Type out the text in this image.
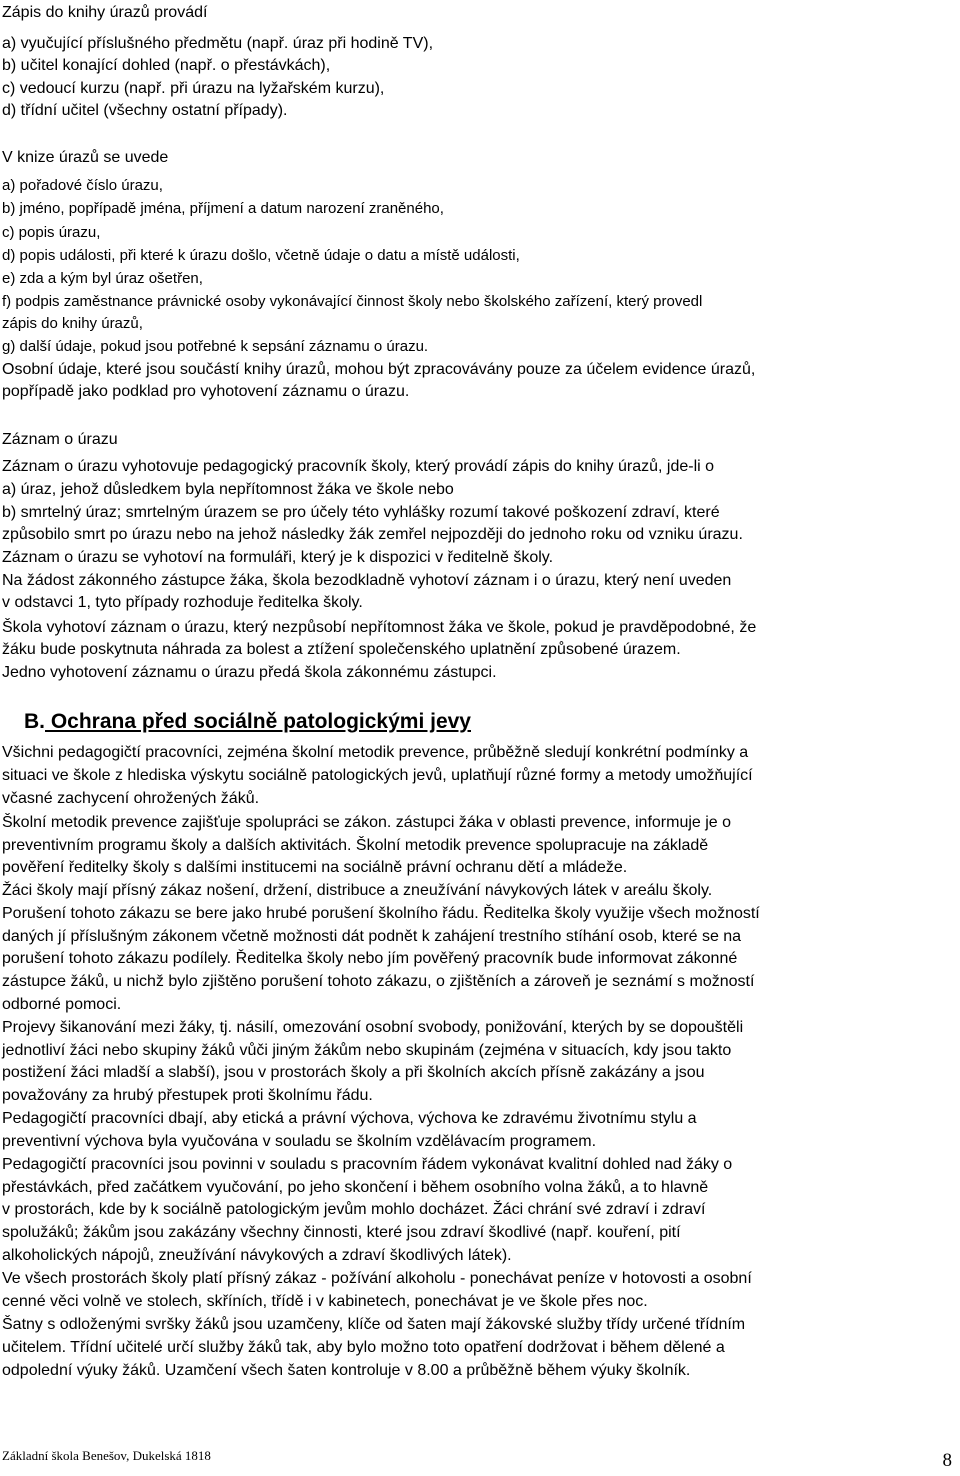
Zápis do knihy úrazů provádí
a) vyučující příslušného předmětu (např. úraz při hodině TV),
b) učitel konající dohled (např. o přestávkách),
c) vedoucí kurzu (např. při úrazu na lyžařském kurzu),
d) třídní učitel (všechny ostatní případy).
V knize úrazů se uvede
a) pořadové číslo úrazu,
b) jméno, popřípadě jména, příjmení a datum narození zraněného,
c) popis úrazu,
d) popis události, při které k úrazu došlo, včetně údaje o datu a místě události,
e) zda a kým byl úraz ošetřen,
f) podpis zaměstnance právnické osoby vykonávající činnost školy nebo školského zařízení, který provedl
zápis do knihy úrazů,
g) další údaje, pokud jsou potřebné k sepsání záznamu o úrazu.
Osobní údaje, které jsou součástí knihy úrazů, mohou být zpracovávány pouze za účelem evidence úrazů,
popřípadě jako podklad pro vyhotovení záznamu o úrazu.
Záznam o úrazu
Záznam o úrazu vyhotovuje pedagogický pracovník školy, který provádí zápis do knihy úrazů, jde-li o
a) úraz, jehož důsledkem byla nepřítomnost žáka ve škole nebo
b) smrtelný úraz; smrtelným úrazem se pro účely této vyhlášky rozumí takové poškození zdraví, které
způsobilo smrt po úrazu nebo na jehož následky žák zemřel nejpozději do jednoho roku od vzniku úrazu.
Záznam o úrazu se vyhotoví na formuláři, který je k dispozici v ředitelně školy.
Na žádost zákonného zástupce žáka, škola bezodkladně vyhotoví záznam i o úrazu, který není uveden
v odstavci 1, tyto případy rozhoduje ředitelka školy.
Škola vyhotoví záznam o úrazu, který nezpůsobí nepřítomnost žáka ve škole, pokud je pravděpodobné, že
žáku bude poskytnuta náhrada za bolest a ztížení společenského uplatnění způsobené úrazem.
Jedno vyhotovení záznamu o úrazu předá škola zákonnému zástupci.
B. Ochrana před sociálně patologickými jevy
Všichni pedagogičtí pracovníci, zejména školní metodik prevence, průběžně sledují konkrétní podmínky a
situaci ve škole z hlediska výskytu sociálně patologických jevů, uplatňují různé formy a metody umožňující
včasné zachycení ohrožených žáků.
Školní metodik prevence zajišťuje spolupráci se zákon. zástupci žáka v oblasti prevence, informuje je o
preventivním programu školy a dalších aktivitách. Školní metodik prevence spolupracuje na základě
pověření ředitelky školy s dalšími institucemi na sociálně právní ochranu dětí a mládeže.
Žáci školy mají přísný zákaz nošení, držení, distribuce a zneužívání návykových látek v areálu školy.
Porušení tohoto zákazu se bere jako hrubé porušení školního řádu. Ředitelka školy využije všech možností
daných jí příslušným zákonem včetně možnosti dát podnět k zahájení trestního stíhání osob, které se na
porušení tohoto zákazu podílely. Ředitelka školy nebo jím pověřený pracovník bude informovat zákonné
zástupce žáků, u nichž bylo zjištěno porušení tohoto zákazu, o zjištěních a zároveň je seznámí s možností
odborné pomoci.
Projevy šikanování mezi žáky, tj. násilí, omezování osobní svobody, ponižování, kterých by se dopouštěli
jednotliví žáci nebo skupiny žáků vůči jiným žákům nebo skupinám (zejména v situacích, kdy jsou takto
postižení žáci mladší a slabší), jsou v prostorách školy a při školních akcích přísně zakázány a jsou
považovány za hrubý přestupek proti školnímu řádu.
Pedagogičtí pracovníci dbají, aby etická a právní výchova, výchova ke zdravému životnímu stylu a
preventivní výchova byla vyučována v souladu se školním vzdělávacím programem.
Pedagogičtí pracovníci jsou povinni v souladu s pracovním řádem vykonávat kvalitní dohled nad žáky o
přestávkách, před začátkem vyučování, po jeho skončení i během osobního volna žáků, a to hlavně
v prostorách, kde by k sociálně patologickým jevům mohlo docházet. Žáci chrání své zdraví i zdraví
spolužáků; žákům jsou zakázány všechny činnosti, které jsou zdraví škodlivé (např. kouření, pití
alkoholických nápojů, zneužívání návykových a zdraví škodlivých látek).
Ve všech prostorách školy platí přísný zákaz - požívání alkoholu - ponechávat peníze v hotovosti a osobní
cenné věci volně ve stolech, skříních, třídě i v kabinetech, ponechávat je ve škole přes noc.
Šatny s odloženými svršky žáků jsou uzamčeny, klíče od šaten mají žákovské služby třídy určené třídním
učitelem. Třídní učitelé určí služby žáků tak, aby bylo možno toto opatření dodržovat i během dělené a
odpolední výuky žáků. Uzamčení všech šaten kontroluje v 8.00 a průběžně během výuky školník.
Základní škola Benešov, Dukelská 1818	8
